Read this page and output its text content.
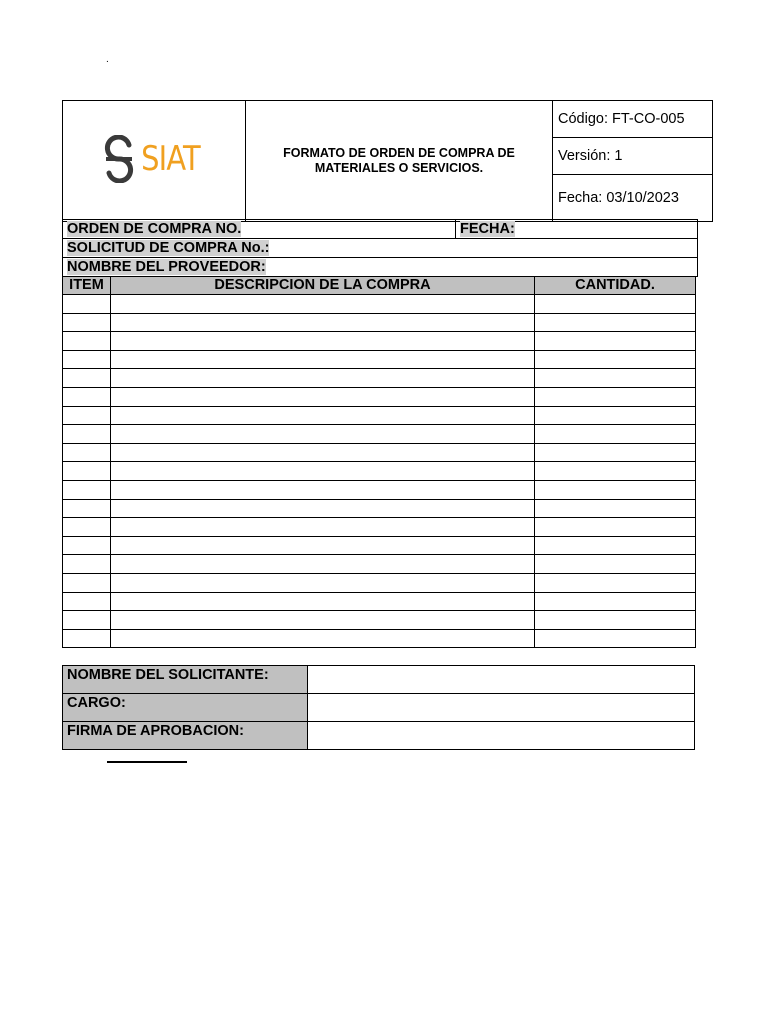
.
SIAT	FORMATO DE ORDEN DE COMPRA DE MATERIALES O SERVICIOS.	Código: FT-CO-005
Versión: 1
Fecha: 03/10/2023
ORDEN DE COMPRA NO.	FECHA:
SOLICITUD DE COMPRA No.:
NOMBRE DEL PROVEEDOR:
ITEM	DESCRIPCION DE LA COMPRA	CANTIDAD.

NOMBRE DEL SOLICITANTE:	
CARGO:	
FIRMA DE APROBACION:	
